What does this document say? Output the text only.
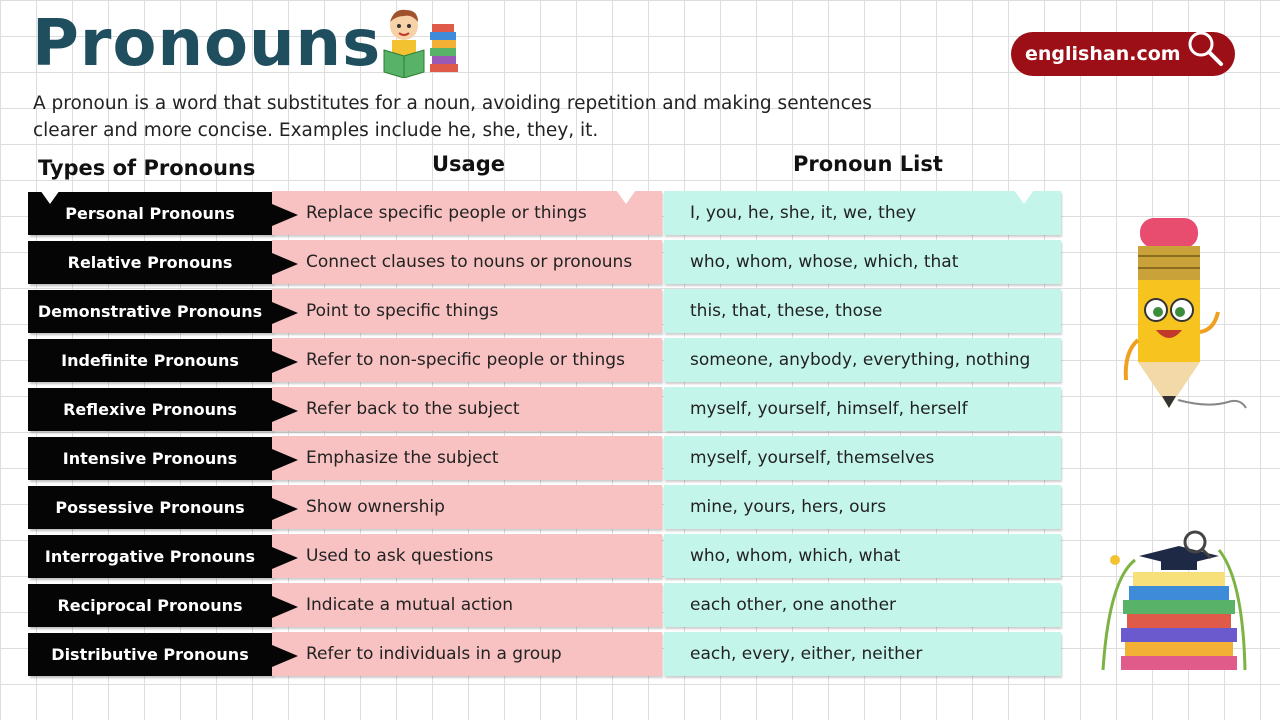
Pronouns	englishan.com
A pronoun is a word that substitutes for a noun, avoiding repetition and making sentences clearer and more concise. Examples include he, she, they, it.
Types of Pronouns	Usage	Pronoun List
Personal Pronouns	Replace specific people or things	I, you, he, she, it, we, they
Relative Pronouns	Connect clauses to nouns or pronouns	who, whom, whose, which, that
Demonstrative Pronouns	Point to specific things	this, that, these, those
Indefinite Pronouns	Refer to non-specific people or things	someone, anybody, everything, nothing
Reflexive Pronouns	Refer back to the subject	myself, yourself, himself, herself
Intensive Pronouns	Emphasize the subject	myself, yourself, themselves
Possessive Pronouns	Show ownership	mine, yours, hers, ours
Interrogative Pronouns	Used to ask questions	who, whom, which, what
Reciprocal Pronouns	Indicate a mutual action	each other, one another
Distributive Pronouns	Refer to individuals in a group	each, every, either, neither
